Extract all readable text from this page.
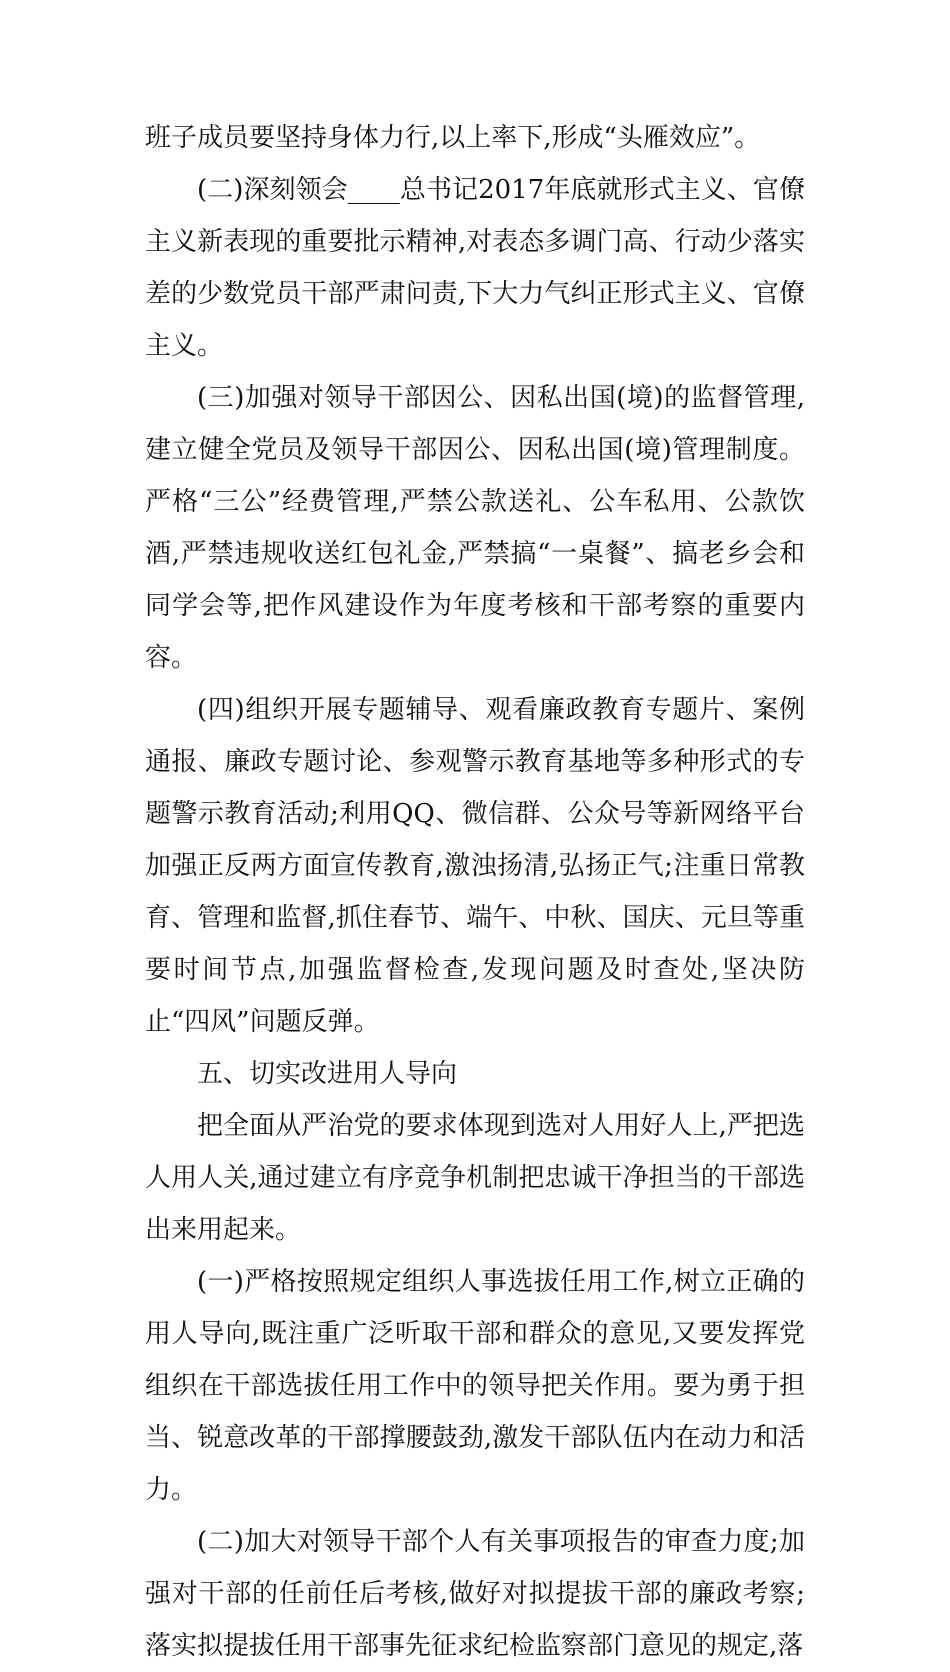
班子成员要坚持身体力行,以上率下,形成“头雁效应”。

(二)深刻领会____总书记2017年底就形式主义、官僚主义新表现的重要批示精神,对表态多调门高、行动少落实差的少数党员干部严肃问责,下大力气纠正形式主义、官僚主义。

(三)加强对领导干部因公、因私出国(境)的监督管理,建立健全党员及领导干部因公、因私出国(境)管理制度。严格“三公”经费管理,严禁公款送礼、公车私用、公款饮酒,严禁违规收送红包礼金,严禁搞“一桌餐”、搞老乡会和同学会等,把作风建设作为年度考核和干部考察的重要内容。

(四)组织开展专题辅导、观看廉政教育专题片、案例通报、廉政专题讨论、参观警示教育基地等多种形式的专题警示教育活动;利用QQ、微信群、公众号等新网络平台加强正反两方面宣传教育,激浊扬清,弘扬正气;注重日常教育、管理和监督,抓住春节、端午、中秋、国庆、元旦等重要时间节点,加强监督检查,发现问题及时查处,坚决防止“四风”问题反弹。

五、切实改进用人导向

把全面从严治党的要求体现到选对人用好人上,严把选人用人关,通过建立有序竞争机制把忠诚干净担当的干部选出来用起来。

(一)严格按照规定组织人事选拔任用工作,树立正确的用人导向,既注重广泛听取干部和群众的意见,又要发挥党组织在干部选拔任用工作中的领导把关作用。要为勇于担当、锐意改革的干部撑腰鼓劲,激发干部队伍内在动力和活力。

(二)加大对领导干部个人有关事项报告的审查力度;加强对干部的任前任后考核,做好对拟提拔干部的廉政考察;落实拟提拔任用干部事先征求纪检监察部门意见的规定,落
